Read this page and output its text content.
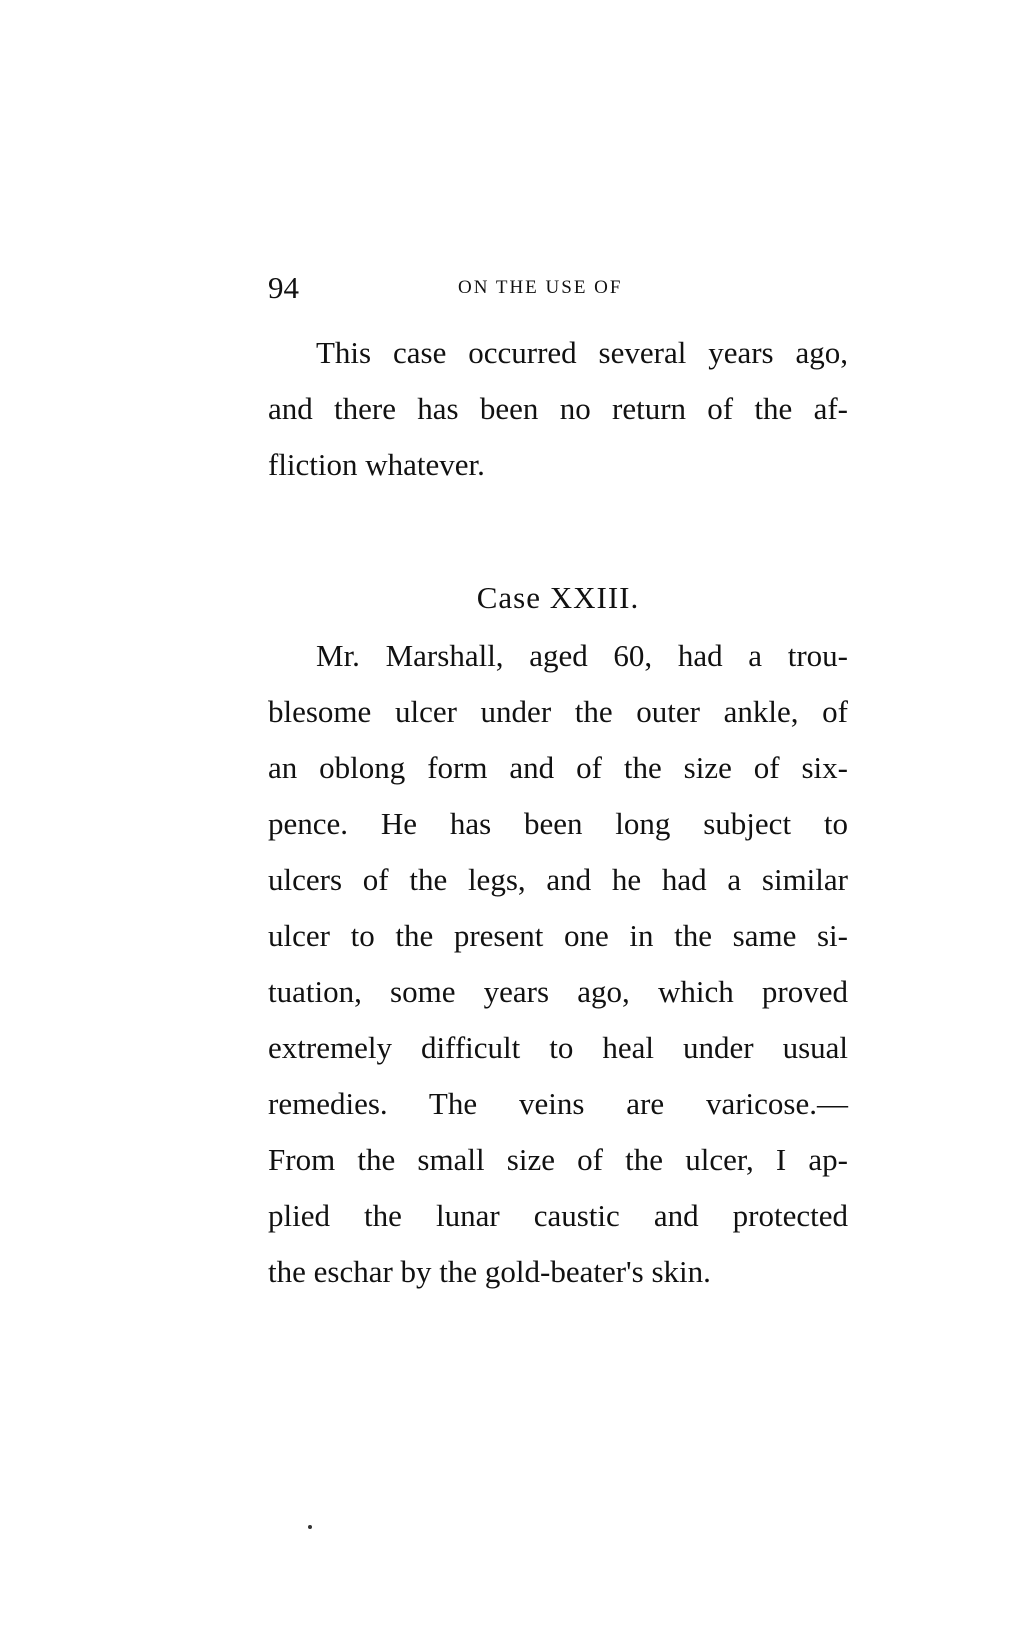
94	ON THE USE OF
This case occurred several years ago,
and there has been no return of the af-
fliction whatever.
Case XXIII.
Mr. Marshall, aged 60, had a trou-
blesome ulcer under the outer ankle, of
an oblong form and of the size of six-
pence. He has been long subject to
ulcers of the legs, and he had a similar
ulcer to the present one in the same si-
tuation, some years ago, which proved
extremely difficult to heal under usual
remedies. The veins are varicose.—
From the small size of the ulcer, I ap-
plied the lunar caustic and protected
the eschar by the gold-beater's skin.
